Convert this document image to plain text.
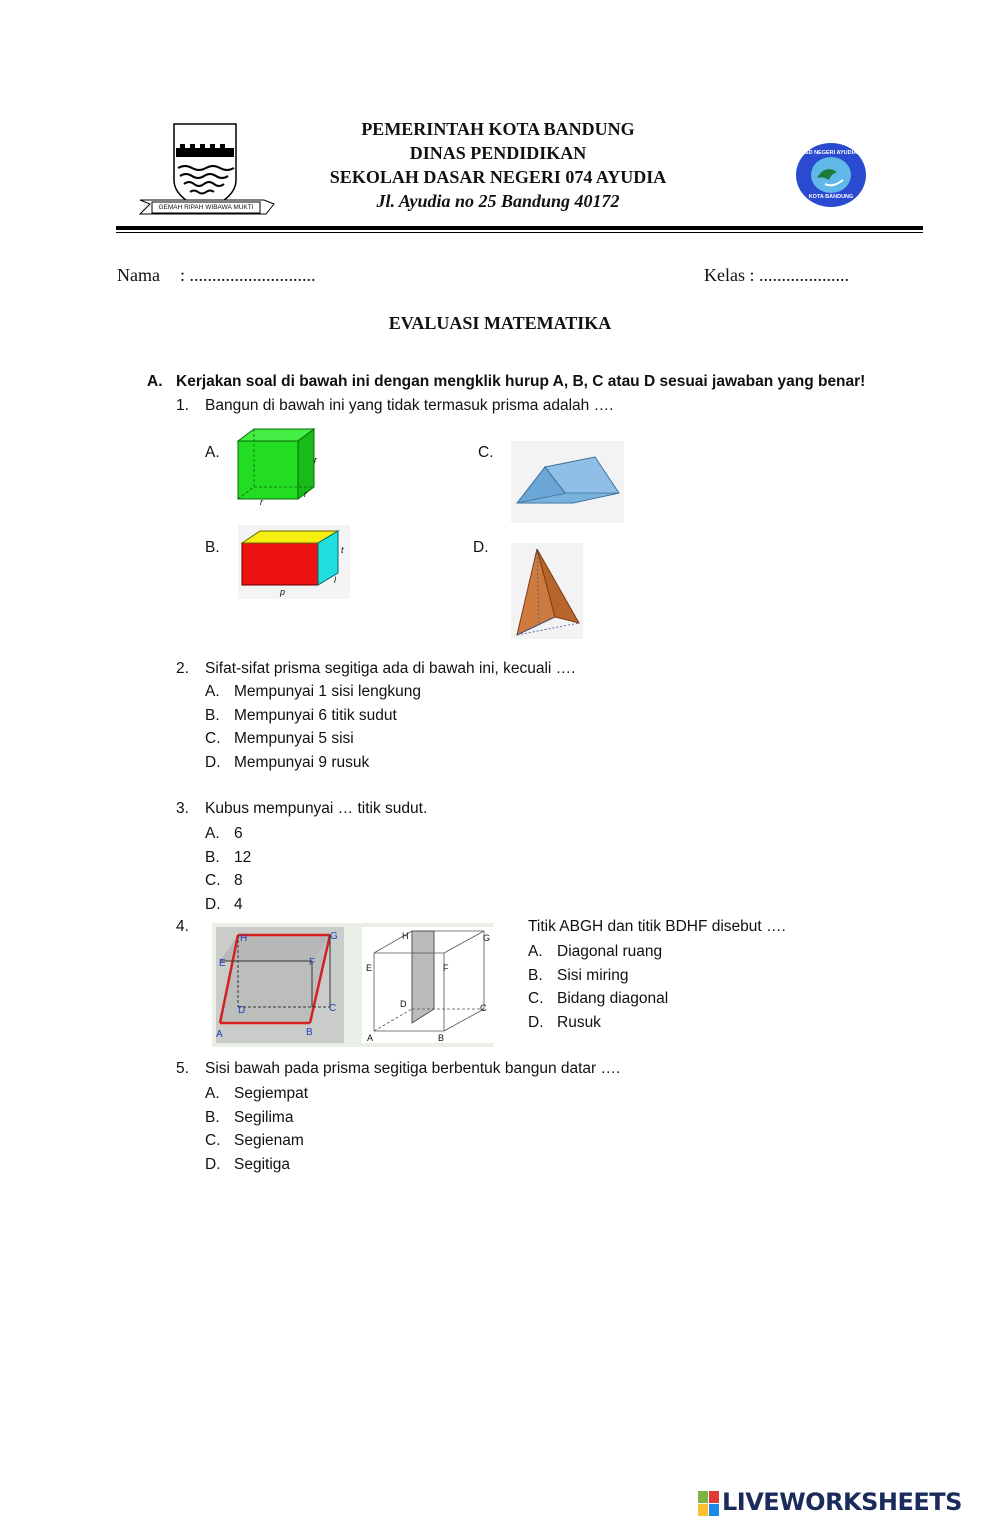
GEMAH RIPAH WIBAWA MUKTI
PEMERINTAH KOTA BANDUNG
DINAS PENDIDIKAN
SEKOLAH DASAR NEGERI 074 AYUDIA
Jl. Ayudia no 25 Bandung 40172
SD NEGERI AYUDIA
KOTA BANDUNG
Nama : ............................	Kelas : ....................
EVALUASI MATEMATIKA
A. Kerjakan soal di bawah ini dengan mengklik hurup A, B, C atau D sesuai jawaban yang benar!
1. Bangun di bawah ini yang tidak termasuk prisma adalah ….
A.	r
r
r
B.	t
l
p
C.
D.
2. Sifat-sifat prisma segitiga ada di bawah ini, kecuali ….
A. Mempunyai 1 sisi lengkung
B. Mempunyai 6 titik sudut
C. Mempunyai 5 sisi
D. Mempunyai 9 rusuk
3. Kubus mempunyai … titik sudut.
A. 6
B. 12
C. 8
D. 4
4.
H	G
E	F
D	C
A	B
H	G
E	F
D	C
A	B
Titik ABGH dan titik BDHF disebut ….
A. Diagonal ruang
B. Sisi miring
C. Bidang diagonal
D. Rusuk
5. Sisi bawah pada prisma segitiga berbentuk bangun datar ….
A. Segiempat
B. Segilima
C. Segienam
D. Segitiga
LIVEWORKSHEETS
